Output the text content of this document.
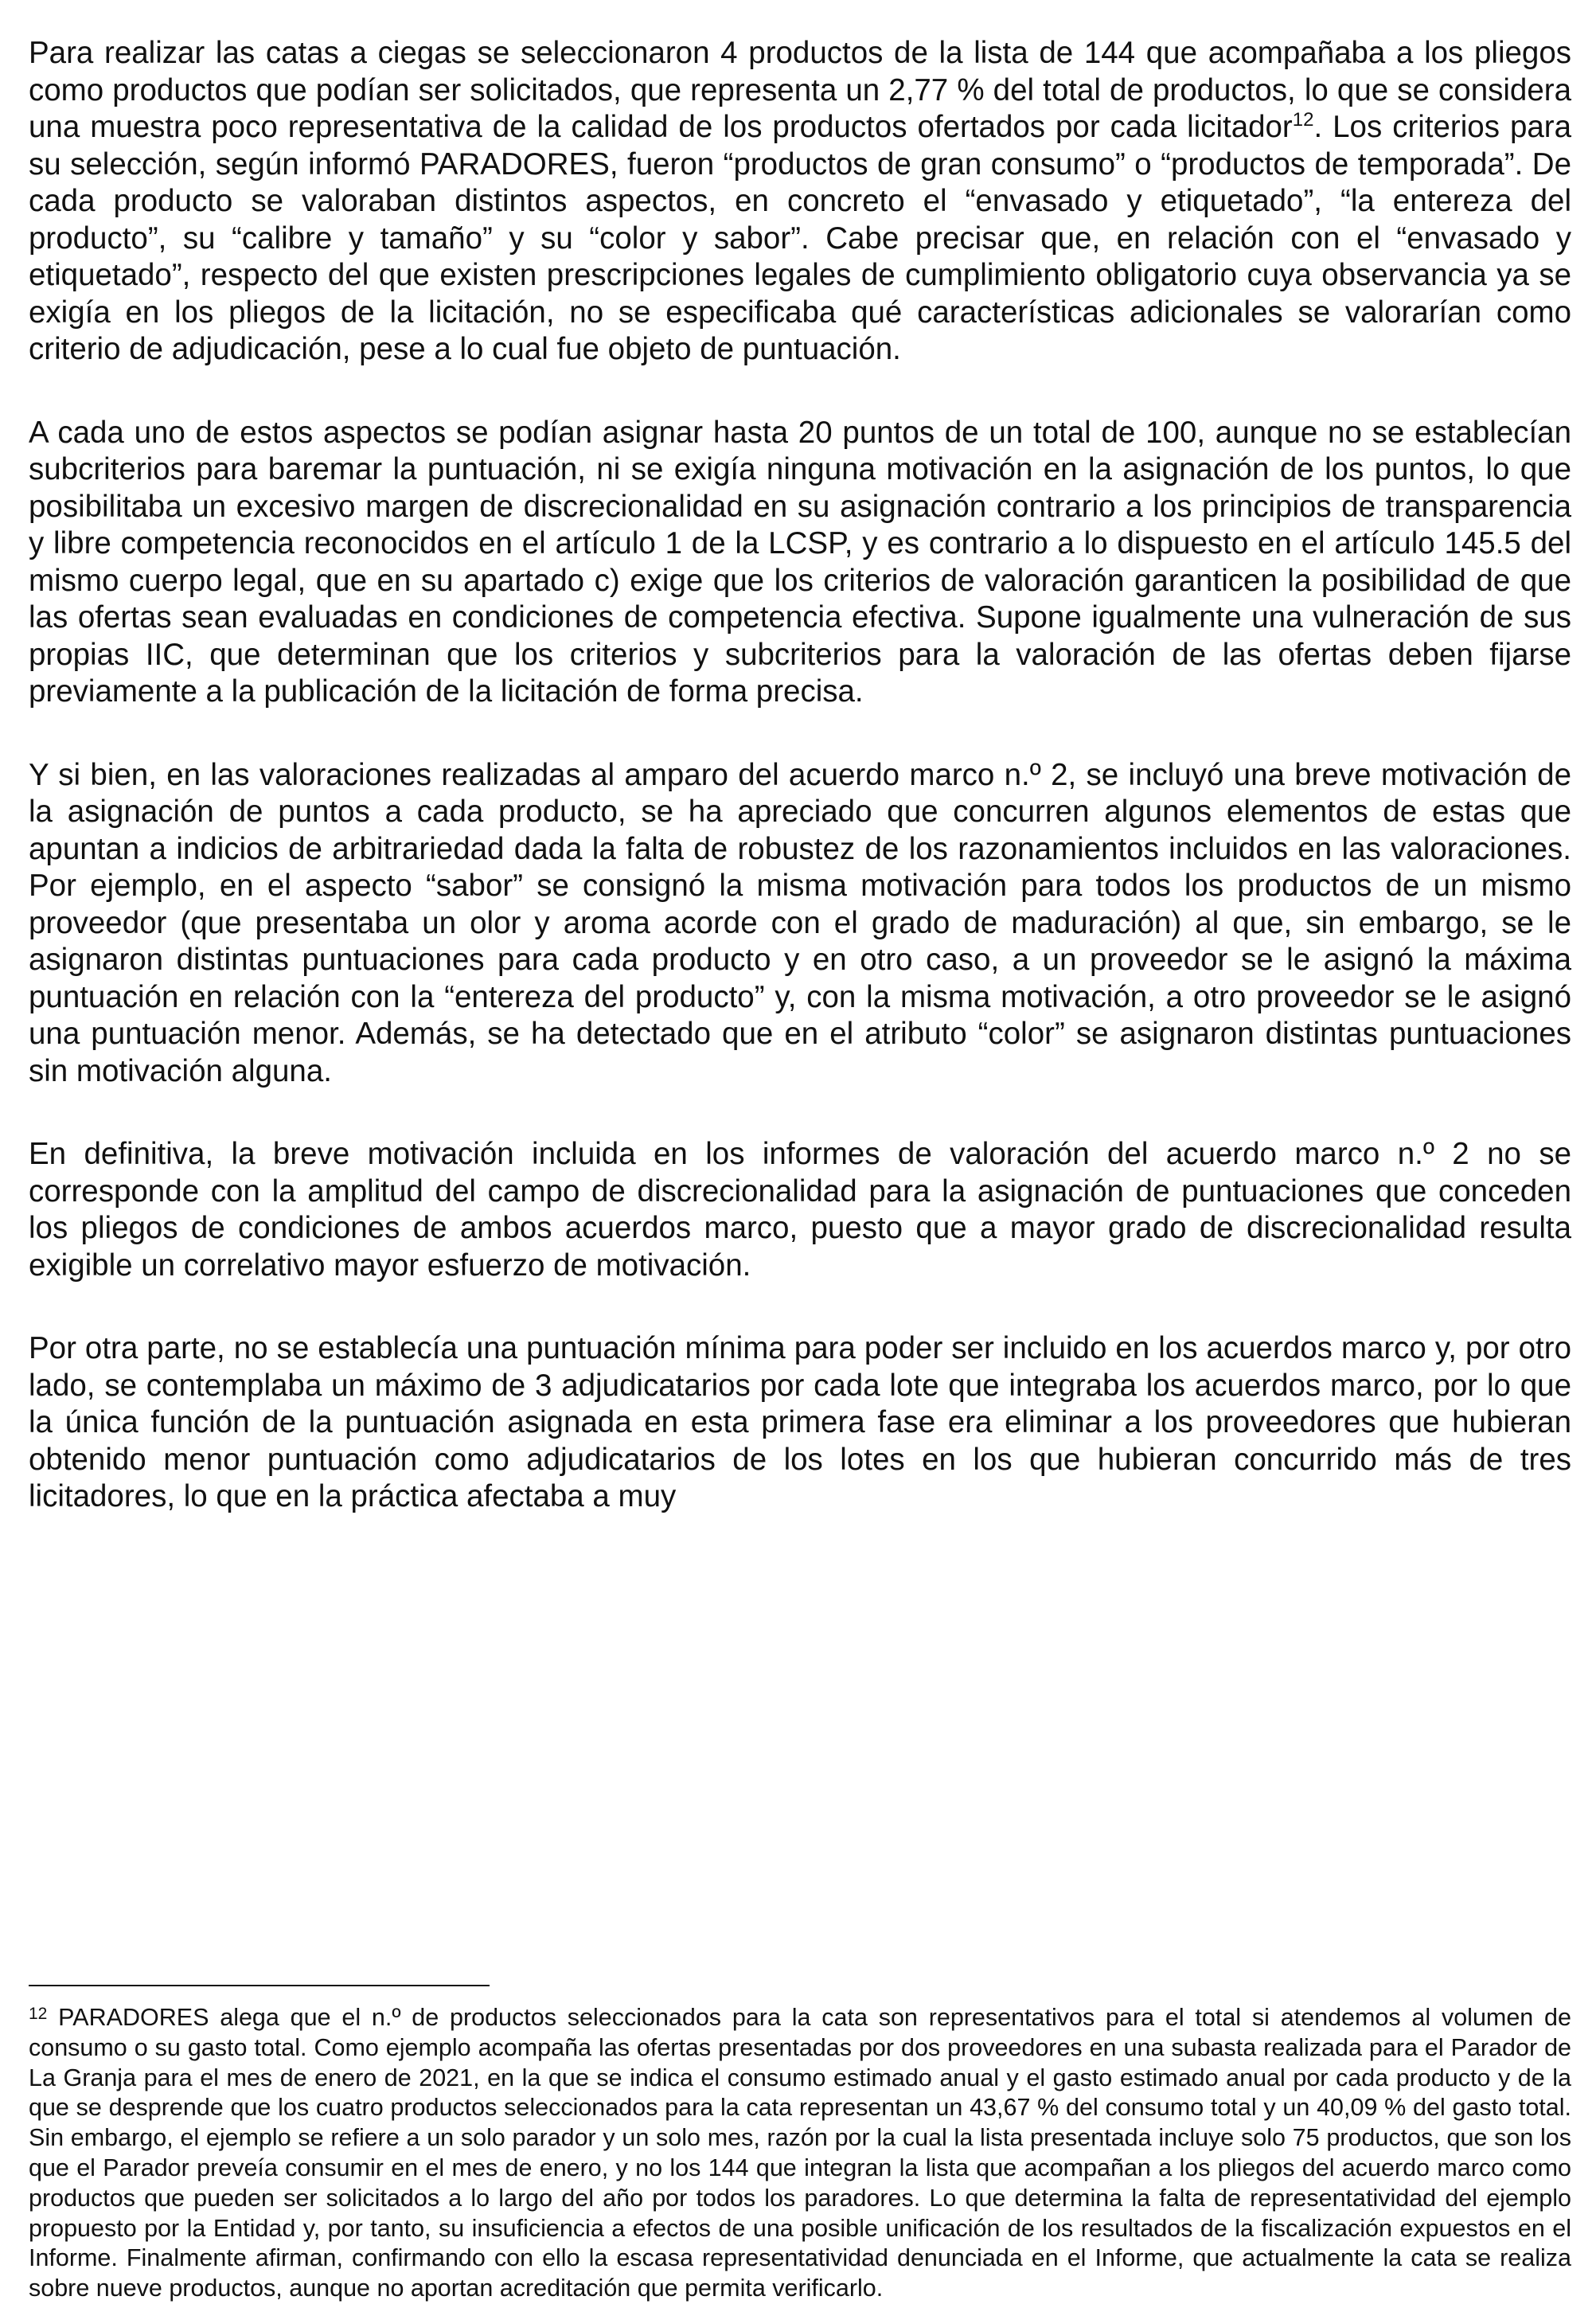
Para realizar las catas a ciegas se seleccionaron 4 productos de la lista de 144 que acompañaba a los pliegos como productos que podían ser solicitados, que representa un 2,77 % del total de productos, lo que se considera una muestra poco representativa de la calidad de los productos ofertados por cada licitador$^{12}$. Los criterios para su selección, según informó PARADORES, fueron “productos de gran consumo” o “productos de temporada”. De cada producto se valoraban distintos aspectos, en concreto el “envasado y etiquetado”, “la entereza del producto”, su “calibre y tamaño” y su “color y sabor”. Cabe precisar que, en relación con el “envasado y etiquetado”, respecto del que existen prescripciones legales de cumplimiento obligatorio cuya observancia ya se exigía en los pliegos de la licitación, no se especificaba qué características adicionales se valorarían como criterio de adjudicación, pese a lo cual fue objeto de puntuación.

A cada uno de estos aspectos se podían asignar hasta 20 puntos de un total de 100, aunque no se establecían subcriterios para baremar la puntuación, ni se exigía ninguna motivación en la asignación de los puntos, lo que posibilitaba un excesivo margen de discrecionalidad en su asignación contrario a los principios de transparencia y libre competencia reconocidos en el artículo 1 de la LCSP, y es contrario a lo dispuesto en el artículo 145.5 del mismo cuerpo legal, que en su apartado c) exige que los criterios de valoración garanticen la posibilidad de que las ofertas sean evaluadas en condiciones de competencia efectiva. Supone igualmente una vulneración de sus propias IIC, que determinan que los criterios y subcriterios para la valoración de las ofertas deben fijarse previamente a la publicación de la licitación de forma precisa.

Y si bien, en las valoraciones realizadas al amparo del acuerdo marco n.º 2, se incluyó una breve motivación de la asignación de puntos a cada producto, se ha apreciado que concurren algunos elementos de estas que apuntan a indicios de arbitrariedad dada la falta de robustez de los razonamientos incluidos en las valoraciones. Por ejemplo, en el aspecto “sabor” se consignó la misma motivación para todos los productos de un mismo proveedor (que presentaba un olor y aroma acorde con el grado de maduración) al que, sin embargo, se le asignaron distintas puntuaciones para cada producto y en otro caso, a un proveedor se le asignó la máxima puntuación en relación con la “entereza del producto” y, con la misma motivación, a otro proveedor se le asignó una puntuación menor. Además, se ha detectado que en el atributo “color” se asignaron distintas puntuaciones sin motivación alguna.

En definitiva, la breve motivación incluida en los informes de valoración del acuerdo marco n.º 2 no se corresponde con la amplitud del campo de discrecionalidad para la asignación de puntuaciones que conceden los pliegos de condiciones de ambos acuerdos marco, puesto que a mayor grado de discrecionalidad resulta exigible un correlativo mayor esfuerzo de motivación.

Por otra parte, no se establecía una puntuación mínima para poder ser incluido en los acuerdos marco y, por otro lado, se contemplaba un máximo de 3 adjudicatarios por cada lote que integraba los acuerdos marco, por lo que la única función de la puntuación asignada en esta primera fase era eliminar a los proveedores que hubieran obtenido menor puntuación como adjudicatarios de los lotes en los que hubieran concurrido más de tres licitadores, lo que en la práctica afectaba a muy

$^{12}$ PARADORES alega que el n.º de productos seleccionados para la cata son representativos para el total si atendemos al volumen de consumo o su gasto total. Como ejemplo acompaña las ofertas presentadas por dos proveedores en una subasta realizada para el Parador de La Granja para el mes de enero de 2021, en la que se indica el consumo estimado anual y el gasto estimado anual por cada producto y de la que se desprende que los cuatro productos seleccionados para la cata representan un 43,67 % del consumo total y un 40,09 % del gasto total. Sin embargo, el ejemplo se refiere a un solo parador y un solo mes, razón por la cual la lista presentada incluye solo 75 productos, que son los que el Parador preveía consumir en el mes de enero, y no los 144 que integran la lista que acompañan a los pliegos del acuerdo marco como productos que pueden ser solicitados a lo largo del año por todos los paradores. Lo que determina la falta de representatividad del ejemplo propuesto por la Entidad y, por tanto, su insuficiencia a efectos de una posible unificación de los resultados de la fiscalización expuestos en el Informe. Finalmente afirman, confirmando con ello la escasa representatividad denunciada en el Informe, que actualmente la cata se realiza sobre nueve productos, aunque no aportan acreditación que permita verificarlo.
